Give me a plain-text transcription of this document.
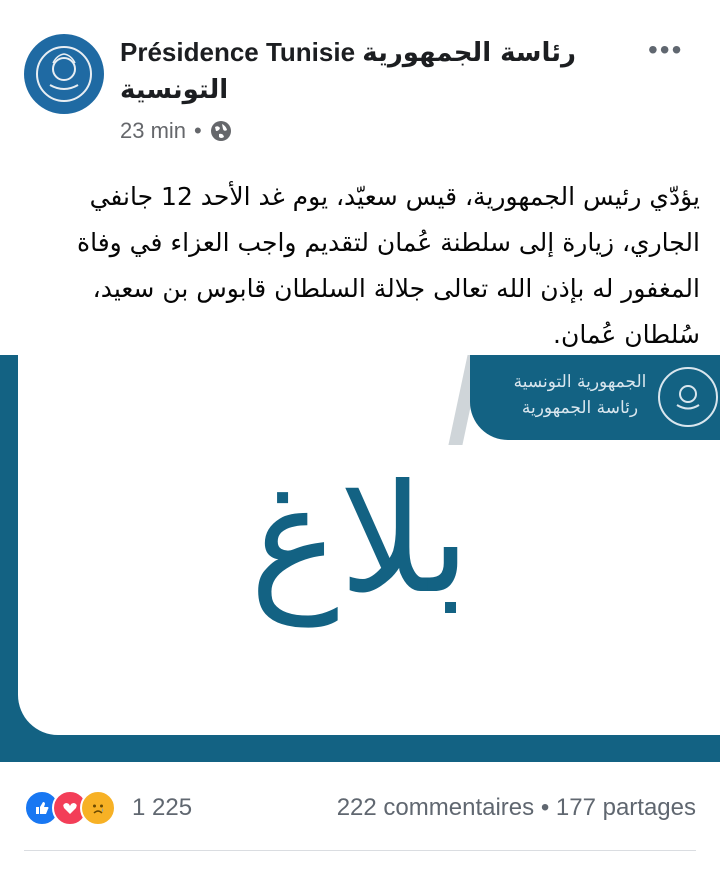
Présidence Tunisie رئاسة الجمهورية
التونسية
23 min •
•••
يؤدّي رئيس الجمهورية، قيس سعيّد، يوم غد الأحد 12 جانفي الجاري، زيارة إلى سلطنة عُمان لتقديم واجب العزاء في وفاة المغفور له بإذن الله تعالى جلالة السلطان قابوس بن سعيد، سُلطان عُمان.
الجمهورية التونسية
رئاسة الجمهورية
بلاغ
1 225	222 commentaires • 177 partages
